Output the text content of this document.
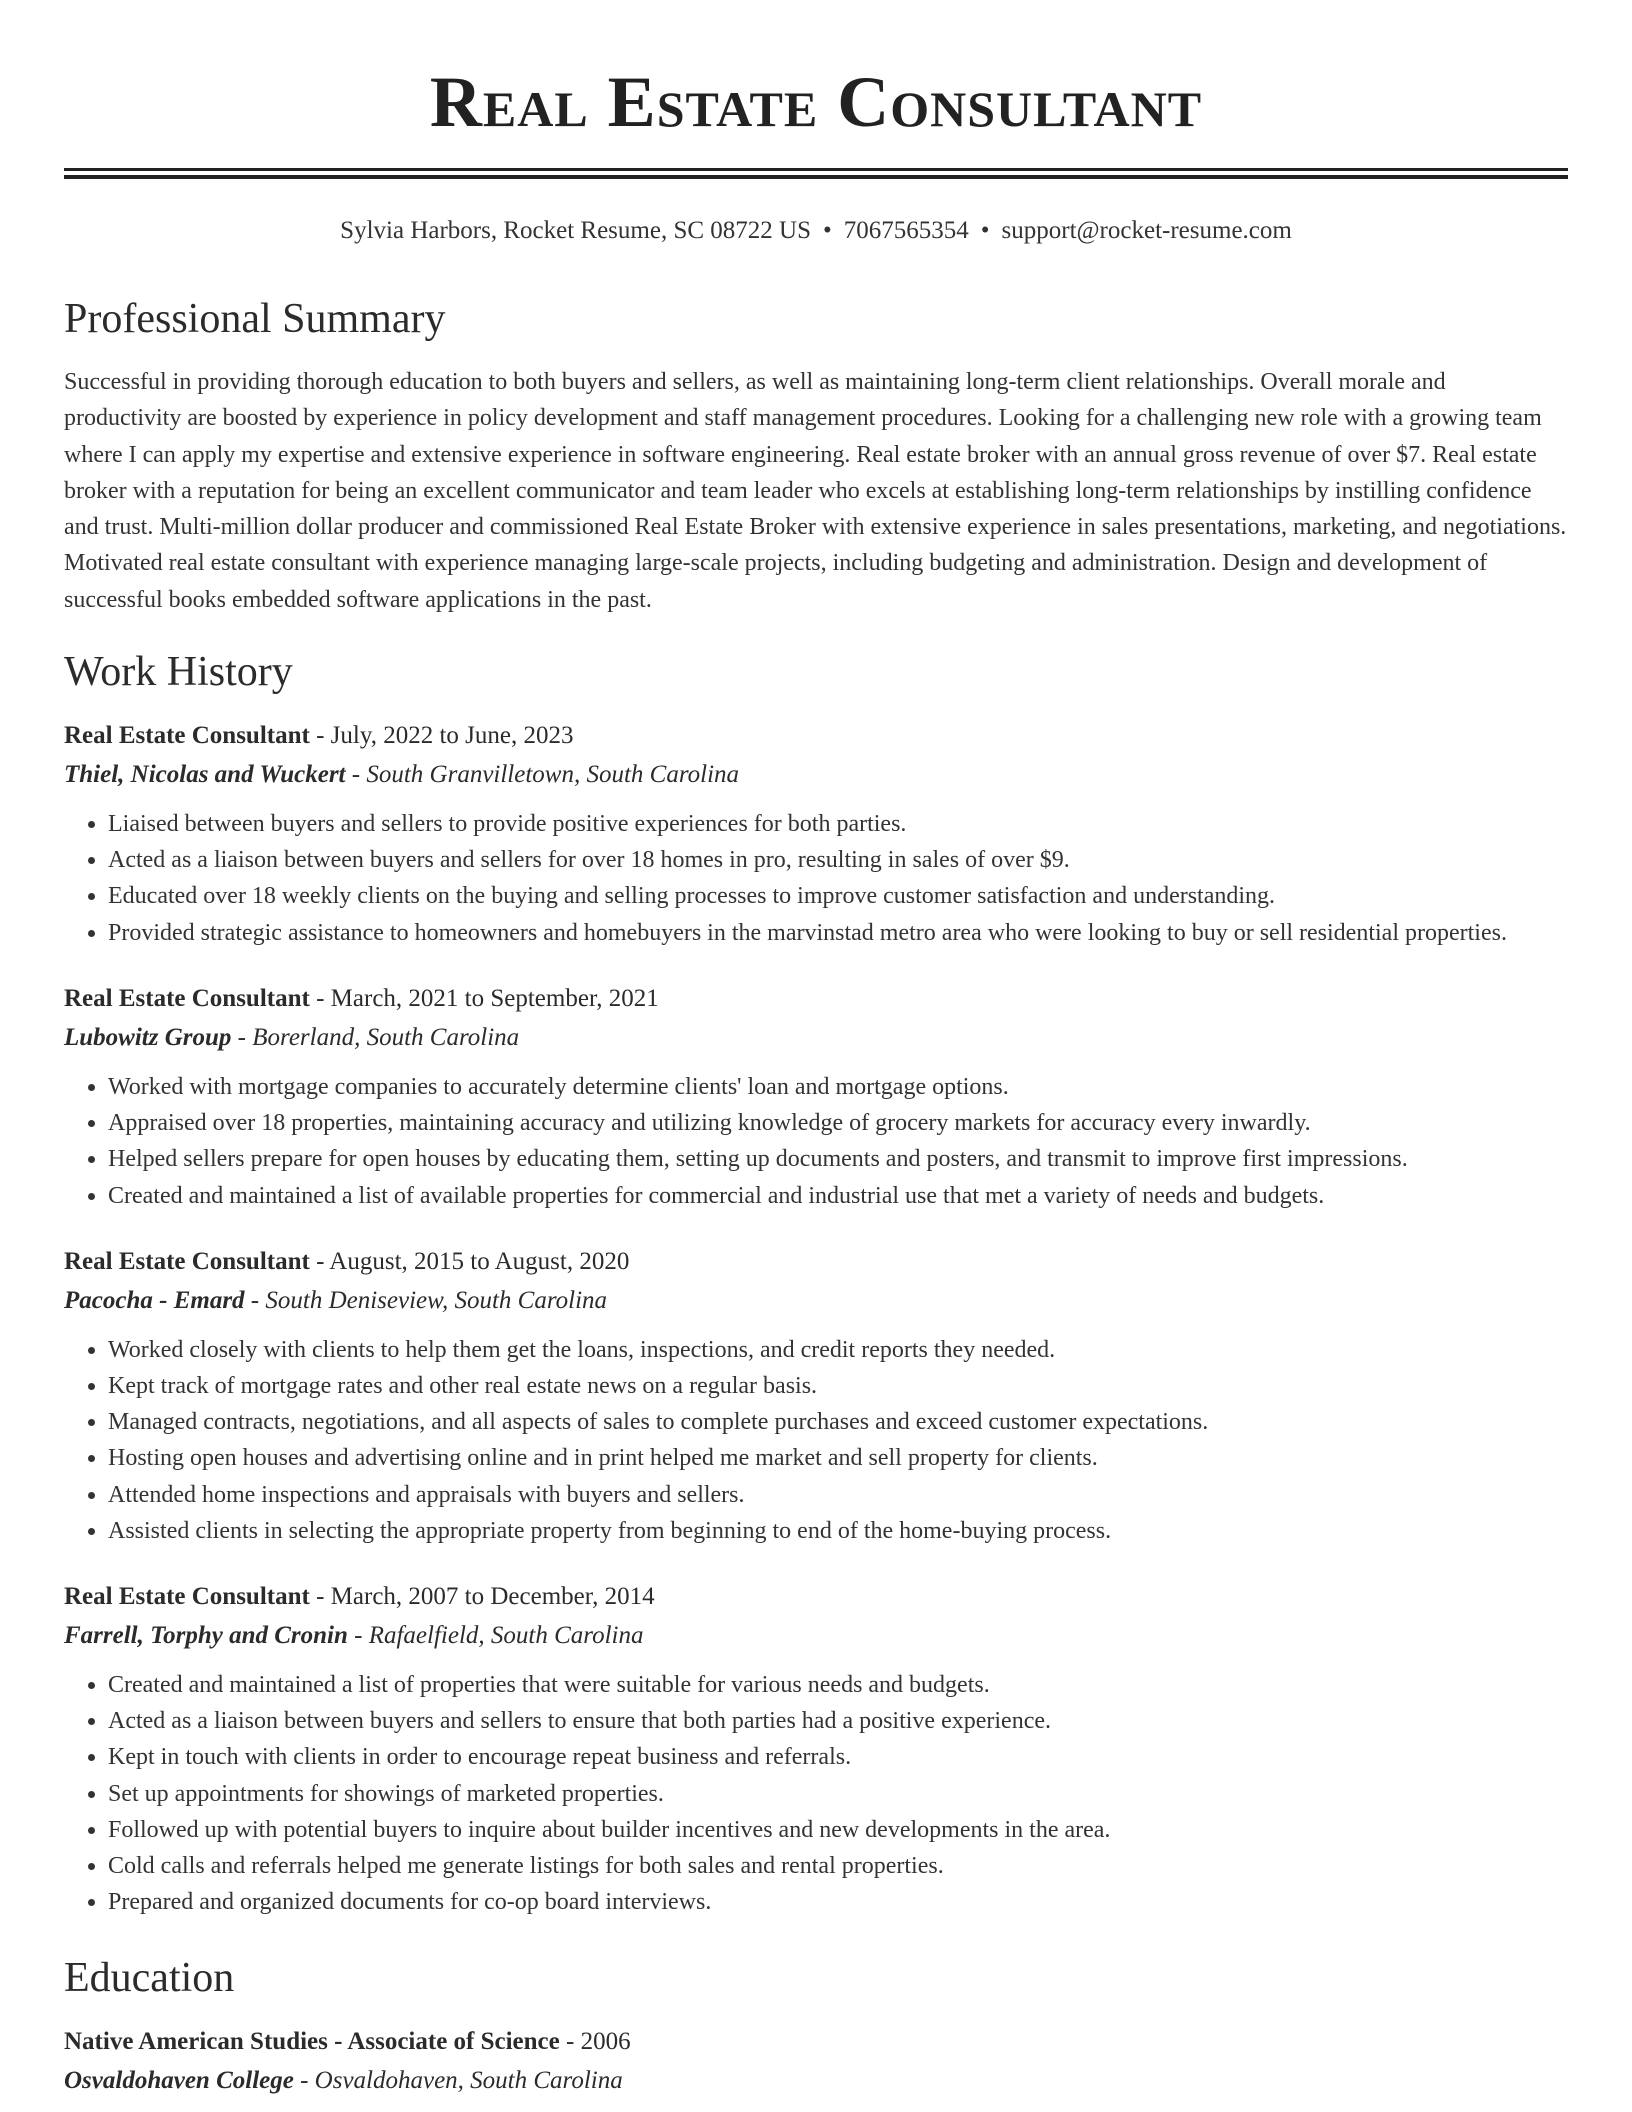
Real Estate Consultant
Sylvia Harbors, Rocket Resume, SC 08722 US • 7067565354 • support@rocket-resume.com
Professional Summary

Successful in providing thorough education to both buyers and sellers, as well as maintaining long-term client relationships. Overall morale and productivity are boosted by experience in policy development and staff management procedures. Looking for a challenging new role with a growing team where I can apply my expertise and extensive experience in software engineering. Real estate broker with an annual gross revenue of over $7. Real estate broker with a reputation for being an excellent communicator and team leader who excels at establishing long-term relationships by instilling confidence and trust. Multi-million dollar producer and commissioned Real Estate Broker with extensive experience in sales presentations, marketing, and negotiations. Motivated real estate consultant with experience managing large-scale projects, including budgeting and administration. Design and development of successful books embedded software applications in the past.

Work History

Real Estate Consultant - July, 2022 to June, 2023

Thiel, Nicolas and Wuckert - South Granvilletown, South Carolina

• Liaised between buyers and sellers to provide positive experiences for both parties.
• Acted as a liaison between buyers and sellers for over 18 homes in pro, resulting in sales of over $9.
• Educated over 18 weekly clients on the buying and selling processes to improve customer satisfaction and understanding.
• Provided strategic assistance to homeowners and homebuyers in the marvinstad metro area who were looking to buy or sell residential properties.

Real Estate Consultant - March, 2021 to September, 2021

Lubowitz Group - Borerland, South Carolina

• Worked with mortgage companies to accurately determine clients' loan and mortgage options.
• Appraised over 18 properties, maintaining accuracy and utilizing knowledge of grocery markets for accuracy every inwardly.
• Helped sellers prepare for open houses by educating them, setting up documents and posters, and transmit to improve first impressions.
• Created and maintained a list of available properties for commercial and industrial use that met a variety of needs and budgets.

Real Estate Consultant - August, 2015 to August, 2020

Pacocha - Emard - South Deniseview, South Carolina

• Worked closely with clients to help them get the loans, inspections, and credit reports they needed.
• Kept track of mortgage rates and other real estate news on a regular basis.
• Managed contracts, negotiations, and all aspects of sales to complete purchases and exceed customer expectations.
• Hosting open houses and advertising online and in print helped me market and sell property for clients.
• Attended home inspections and appraisals with buyers and sellers.
• Assisted clients in selecting the appropriate property from beginning to end of the home-buying process.

Real Estate Consultant - March, 2007 to December, 2014

Farrell, Torphy and Cronin - Rafaelfield, South Carolina

• Created and maintained a list of properties that were suitable for various needs and budgets.
• Acted as a liaison between buyers and sellers to ensure that both parties had a positive experience.
• Kept in touch with clients in order to encourage repeat business and referrals.
• Set up appointments for showings of marketed properties.
• Followed up with potential buyers to inquire about builder incentives and new developments in the area.
• Cold calls and referrals helped me generate listings for both sales and rental properties.
• Prepared and organized documents for co-op board interviews.
Education

Native American Studies - Associate of Science - 2006

Osvaldohaven College - Osvaldohaven, South Carolina
